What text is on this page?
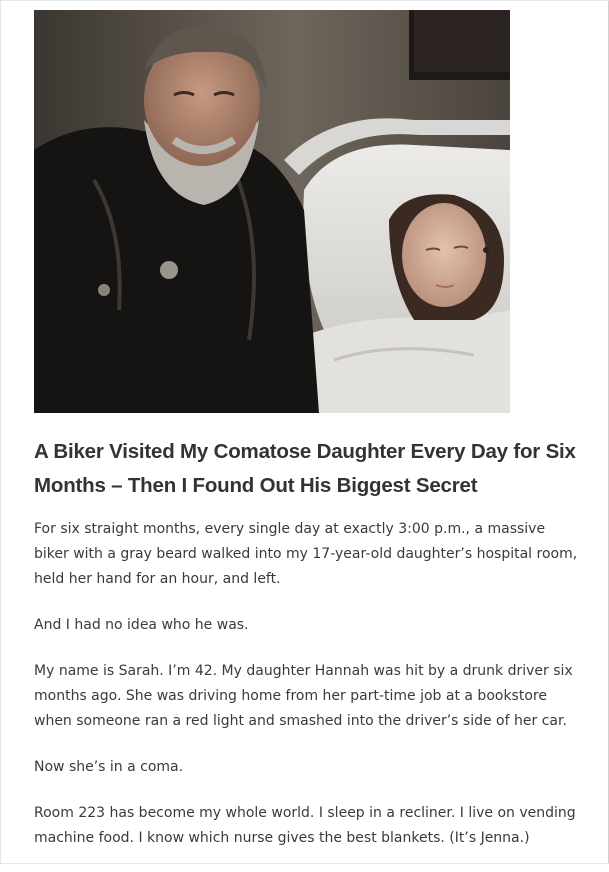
A Biker Visited My Comatose Daughter Every Day for Six Months – Then I Found Out His Biggest Secret

For six straight months, every single day at exactly 3:00 p.m., a massive biker with a gray beard walked into my 17-year-old daughter’s hospital room, held her hand for an hour, and left.

And I had no idea who he was.

My name is Sarah. I’m 42. My daughter Hannah was hit by a drunk driver six months ago. She was driving home from her part-time job at a bookstore when someone ran a red light and smashed into the driver’s side of her car.

Now she’s in a coma.

Room 223 has become my whole world. I sleep in a recliner. I live on vending machine food. I know which nurse gives the best blankets. (It’s Jenna.)
